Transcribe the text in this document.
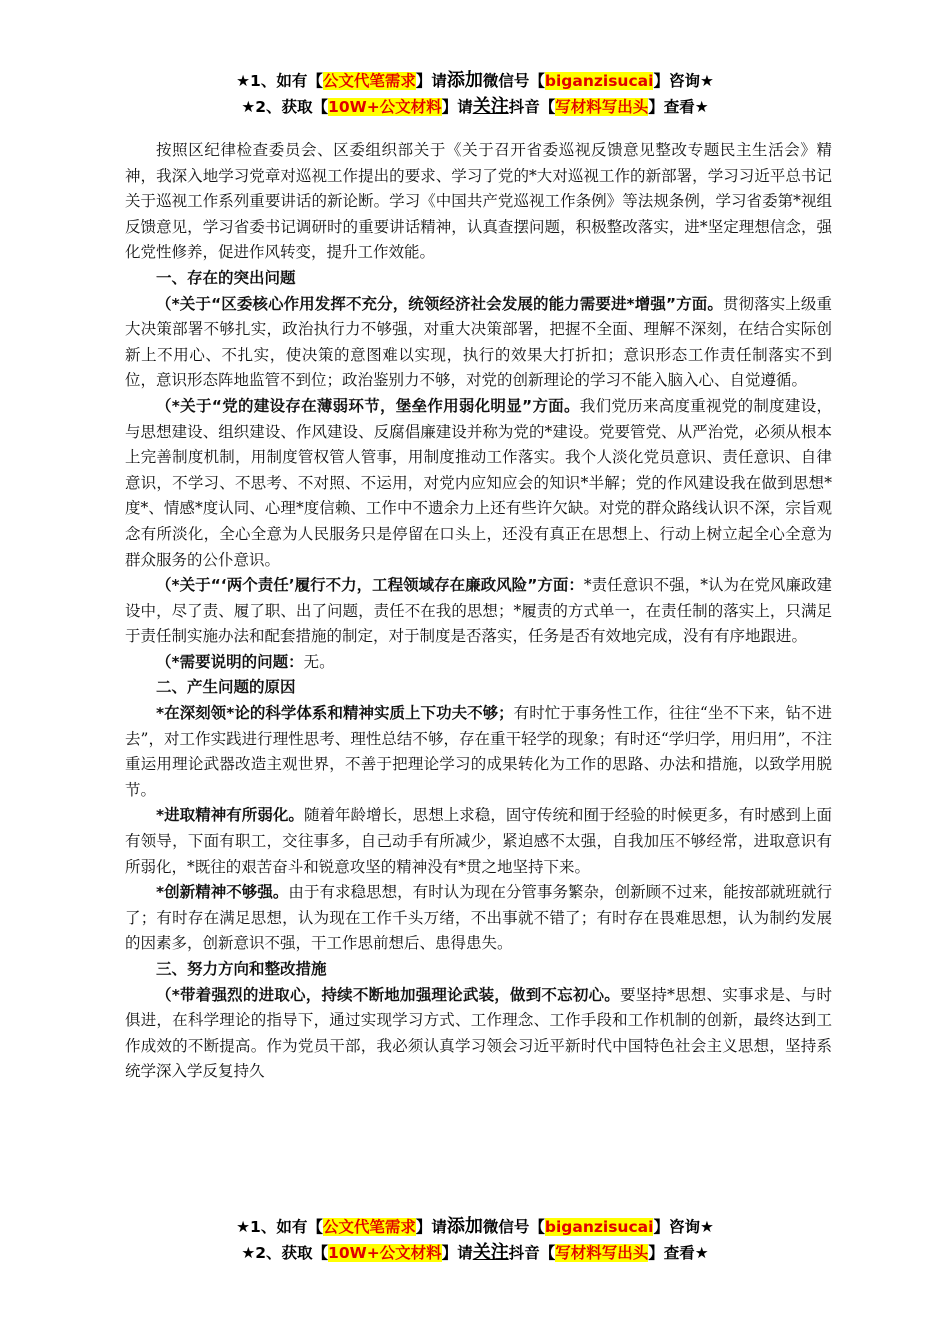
★1、如有【公文代笔需求】请添加微信号【biganzisucai】咨询★
★2、获取【10W+公文材料】请关注抖音【写材料写出头】查看★

按照区纪律检查委员会、区委组织部关于《关于召开省委巡视反馈意见整改专题民主生活会》精神，我深入地学习党章对巡视工作提出的要求、学习了党的*大对巡视工作的新部署，学习习近平总书记关于巡视工作系列重要讲话的新论断。学习《中国共产党巡视工作条例》等法规条例，学习省委第*视组反馈意见，学习省委书记调研时的重要讲话精神，认真查摆问题，积极整改落实，进*坚定理想信念，强化党性修养，促进作风转变，提升工作效能。

一、存在的突出问题

（*关于“区委核心作用发挥不充分，统领经济社会发展的能力需要进*增强”方面。贯彻落实上级重大决策部署不够扎实，政治执行力不够强，对重大决策部署，把握不全面、理解不深刻，在结合实际创新上不用心、不扎实，使决策的意图难以实现，执行的效果大打折扣；意识形态工作责任制落实不到位，意识形态阵地监管不到位；政治鉴别力不够，对党的创新理论的学习不能入脑入心、自觉遵循。

（*关于“党的建设存在薄弱环节，堡垒作用弱化明显”方面。我们党历来高度重视党的制度建设，与思想建设、组织建设、作风建设、反腐倡廉建设并称为党的*建设。党要管党、从严治党，必须从根本上完善制度机制，用制度管权管人管事，用制度推动工作落实。我个人淡化党员意识、责任意识、自律意识，不学习、不思考、不对照、不运用，对党内应知应会的知识*半解；党的作风建设我在做到思想*度*、情感*度认同、心理*度信赖、工作中不遗余力上还有些许欠缺。对党的群众路线认识不深，宗旨观念有所淡化，全心全意为人民服务只是停留在口头上，还没有真正在思想上、行动上树立起全心全意为群众服务的公仆意识。

（*关于“‘两个责任’履行不力，工程领域存在廉政风险”方面：*责任意识不强，*认为在党风廉政建设中，尽了责、履了职、出了问题，责任不在我的思想；*履责的方式单一，在责任制的落实上，只满足于责任制实施办法和配套措施的制定，对于制度是否落实，任务是否有效地完成，没有有序地跟进。

（*需要说明的问题：无。

二、产生问题的原因

*在深刻领*论的科学体系和精神实质上下功夫不够；有时忙于事务性工作，往往“坐不下来，钻不进去”，对工作实践进行理性思考、理性总结不够，存在重干轻学的现象；有时还“学归学，用归用”，不注重运用理论武器改造主观世界，不善于把理论学习的成果转化为工作的思路、办法和措施，以致学用脱节。

*进取精神有所弱化。随着年龄增长，思想上求稳，固守传统和囿于经验的时候更多，有时感到上面有领导，下面有职工，交往事多，自己动手有所减少，紧迫感不太强，自我加压不够经常，进取意识有所弱化，*既往的艰苦奋斗和锐意攻坚的精神没有*贯之地坚持下来。

*创新精神不够强。由于有求稳思想，有时认为现在分管事务繁杂，创新顾不过来，能按部就班就行了；有时存在满足思想，认为现在工作千头万绪，不出事就不错了；有时存在畏难思想，认为制约发展的因素多，创新意识不强，干工作思前想后、患得患失。

三、努力方向和整改措施

（*带着强烈的进取心，持续不断地加强理论武装，做到不忘初心。要坚持*思想、实事求是、与时俱进，在科学理论的指导下，通过实现学习方式、工作理念、工作手段和工作机制的创新，最终达到工作成效的不断提高。作为党员干部，我必须认真学习领会习近平新时代中国特色社会主义思想，坚持系统学深入学反复持久

★1、如有【公文代笔需求】请添加微信号【biganzisucai】咨询★
★2、获取【10W+公文材料】请关注抖音【写材料写出头】查看★
